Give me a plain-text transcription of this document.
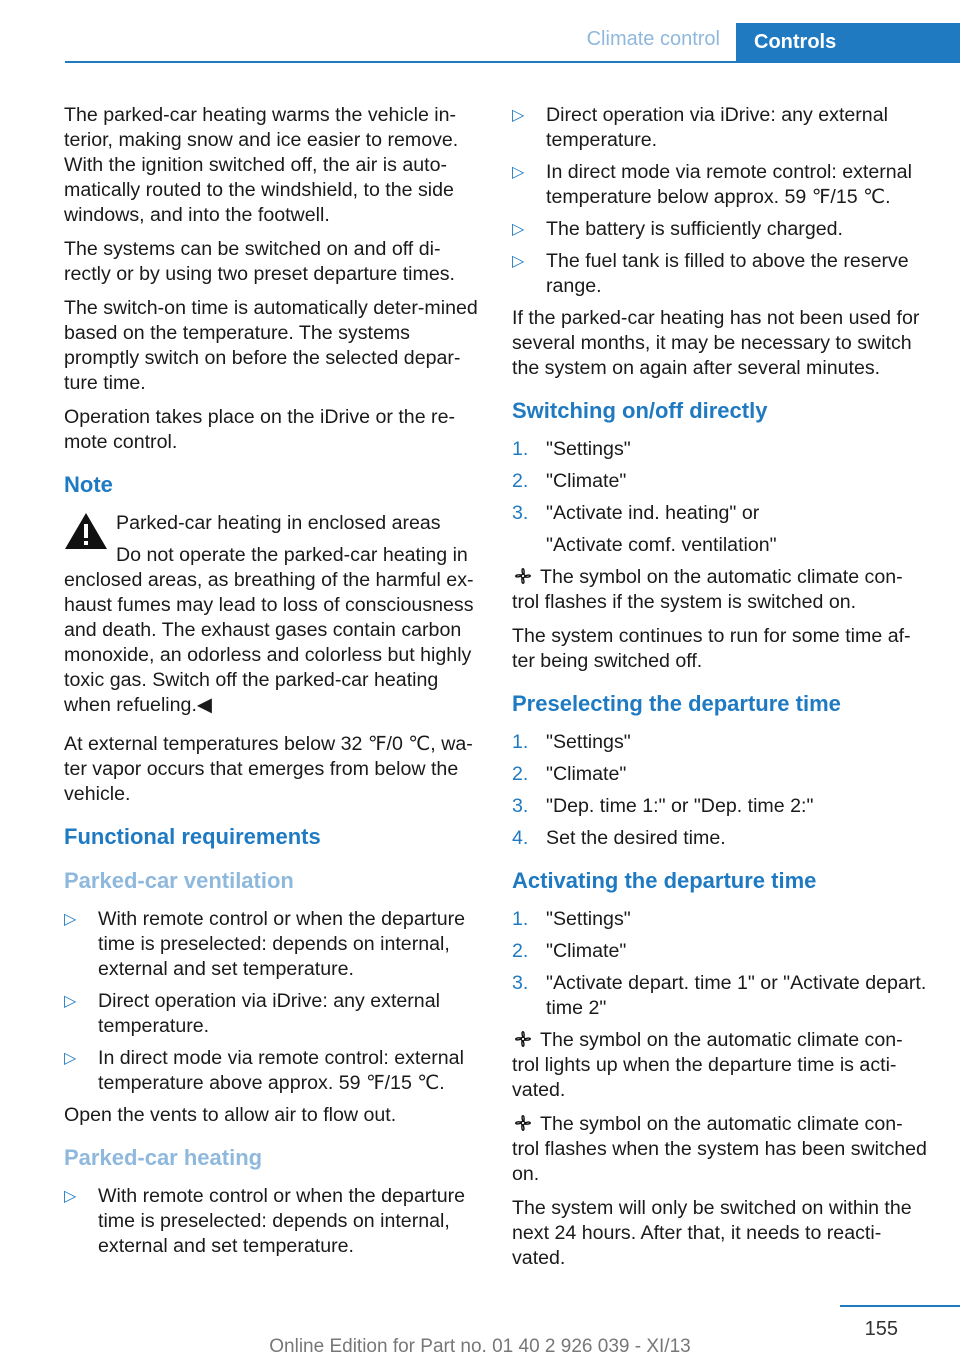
Climate control	Controls

The parked-car heating warms the vehicle in-terior, making snow and ice easier to remove. With the ignition switched off, the air is auto-matically routed to the windshield, to the side windows, and into the footwell.

The systems can be switched on and off di-rectly or by using two preset departure times.

The switch-on time is automatically deter-mined based on the temperature. The systems promptly switch on before the selected depar-ture time.

Operation takes place on the iDrive or the re-mote control.

Note

Parked-car heating in enclosed areas

Do not operate the parked-car heating in

enclosed areas, as breathing of the harmful ex-haust fumes may lead to loss of consciousness and death. The exhaust gases contain carbon monoxide, an odorless and colorless but highly toxic gas. Switch off the parked-car heating when refueling.◀

At external temperatures below 32 ℉/0 ℃, wa-ter vapor occurs that emerges from below the vehicle.

Functional requirements
Parked-car ventilation
▷ With remote control or when the departure time is preselected: depends on internal, external and set temperature.
▷ Direct operation via iDrive: any external temperature.
▷ In direct mode via remote control: external temperature above approx. 59 ℉/15 ℃.

Open the vents to allow air to flow out.

Parked-car heating
▷ With remote control or when the departure time is preselected: depends on internal, external and set temperature.
▷ Direct operation via iDrive: any external temperature.
▷ In direct mode via remote control: external temperature below approx. 59 ℉/15 ℃.
▷ The battery is sufficiently charged.
▷ The fuel tank is filled to above the reserve range.

If the parked-car heating has not been used for several months, it may be necessary to switch the system on again after several minutes.

Switching on/off directly
1. "Settings"
2. "Climate"
3. "Activate ind. heating" or
"Activate comf. ventilation"

The symbol on the automatic climate con-trol flashes if the system is switched on.

The system continues to run for some time af-ter being switched off.

Preselecting the departure time
1. "Settings"
2. "Climate"
3. "Dep. time 1:" or "Dep. time 2:"
4. Set the desired time.
Activating the departure time
1. "Settings"
2. "Climate"
3. "Activate depart. time 1" or "Activate depart. time 2"

The symbol on the automatic climate con-trol lights up when the departure time is acti-vated.

The symbol on the automatic climate con-trol flashes when the system has been switched on.

The system will only be switched on within the next 24 hours. After that, it needs to reacti-vated.

155
Online Edition for Part no. 01 40 2 926 039 - XI/13
